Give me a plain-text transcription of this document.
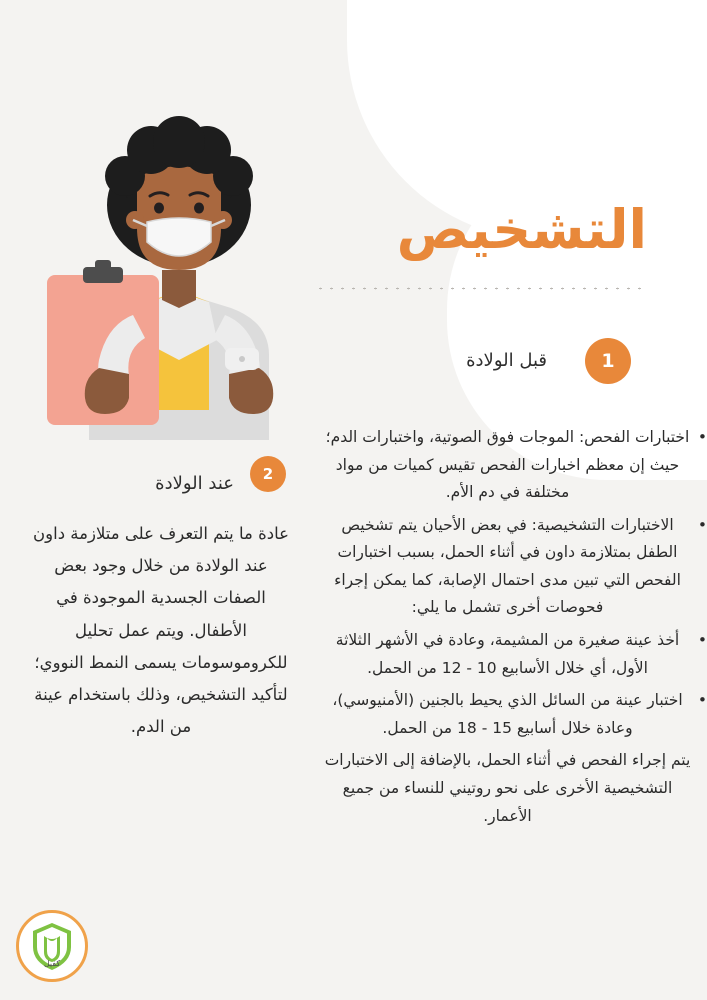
التشخيص
1
قبل الولادة
2
عند الولادة
عادة ما يتم التعرف على متلازمة داون عند الولادة من خلال وجود بعض الصفات الجسدية الموجودة في الأطفال. ويتم عمل تحليل للكروموسومات يسمى النمط النووي؛ لتأكيد التشخيص، وذلك باستخدام عينة من الدم.

• اختبارات الفحص: الموجات فوق الصوتية، واختبارات الدم؛ حيث إن معظم اخبارات الفحص تقيس كميات من مواد مختلفة في دم الأم.

• الاختبارات التشخيصية: في بعض الأحيان يتم تشخيص الطفل بمتلازمة داون في أثناء الحمل، بسبب اختبارات الفحص التي تبين مدى احتمال الإصابة، كما يمكن إجراء فحوصات أخرى تشمل ما يلي:

• أخذ عينة صغيرة من المشيمة، وعادة في الأشهر الثلاثة الأول، أي خلال الأسابيع 10 - 12 من الحمل.

• اختبار عينة من السائل الذي يحيط بالجنين (الأمنيوسي)، وعادة خلال أسابيع 15 - 18 من الحمل.

يتم إجراء الفحص في أثناء الحمل، بالإضافة إلى الاختبارات التشخيصية الأخرى على نحو روتيني للنساء من جميع الأعمار.

كفيل
